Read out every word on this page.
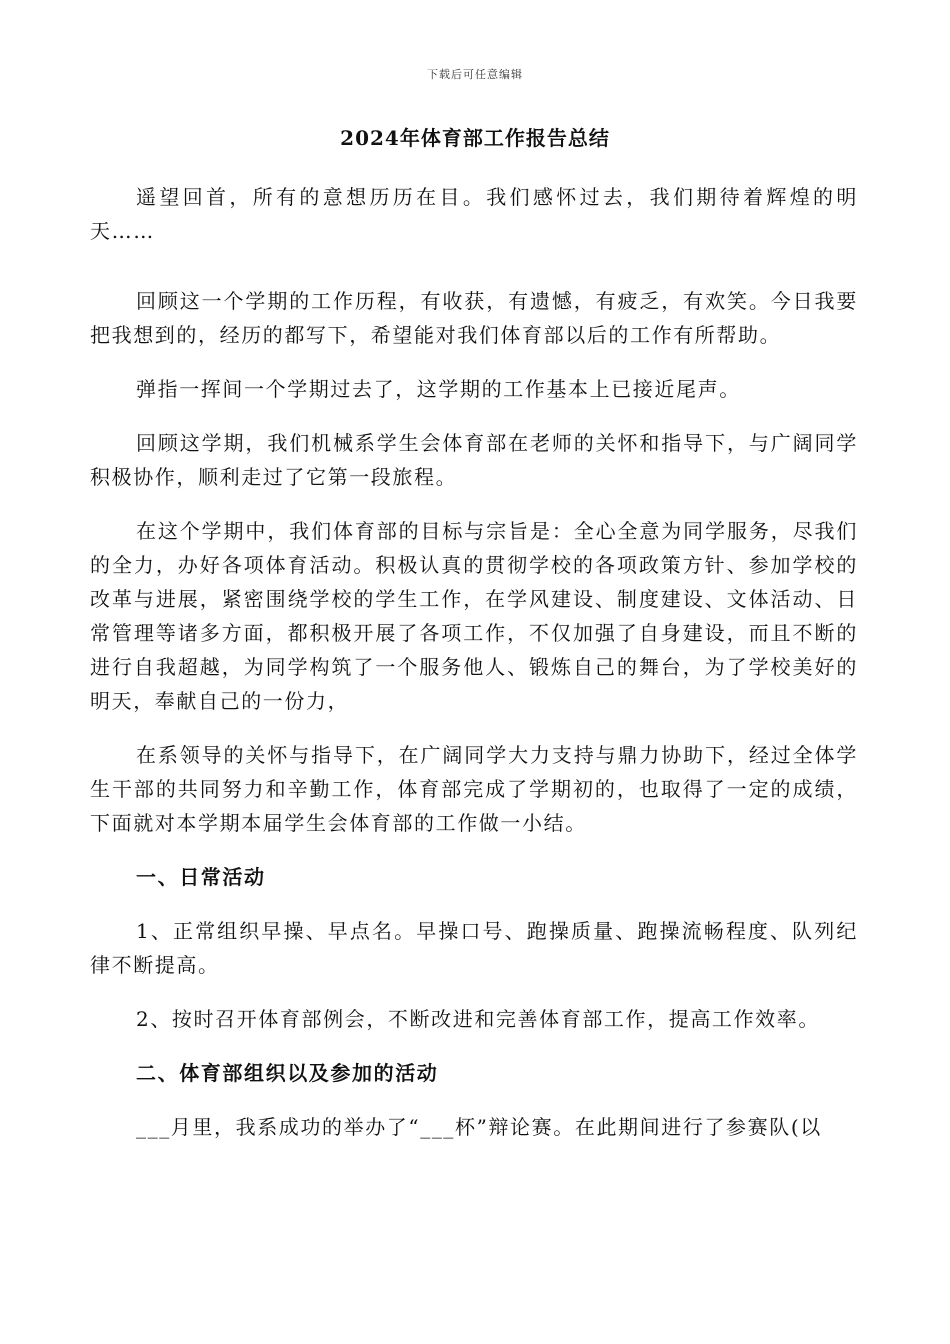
下载后可任意编辑
2024年体育部工作报告总结

遥望回首，所有的意想历历在目。我们感怀过去，我们期待着辉煌的明天……

回顾这一个学期的工作历程，有收获，有遗憾，有疲乏，有欢笑。今日我要把我想到的，经历的都写下，希望能对我们体育部以后的工作有所帮助。

弹指一挥间一个学期过去了，这学期的工作基本上已接近尾声。

回顾这学期，我们机械系学生会体育部在老师的关怀和指导下，与广阔同学积极协作，顺利走过了它第一段旅程。

在这个学期中，我们体育部的目标与宗旨是：全心全意为同学服务，尽我们的全力，办好各项体育活动。积极认真的贯彻学校的各项政策方针、参加学校的改革与进展，紧密围绕学校的学生工作，在学风建设、制度建设、文体活动、日常管理等诸多方面，都积极开展了各项工作，不仅加强了自身建设，而且不断的进行自我超越，为同学构筑了一个服务他人、锻炼自己的舞台，为了学校美好的明天，奉献自己的一份力，

在系领导的关怀与指导下，在广阔同学大力支持与鼎力协助下，经过全体学生干部的共同努力和辛勤工作，体育部完成了学期初的，也取得了一定的成绩，下面就对本学期本届学生会体育部的工作做一小结。

一、日常活动

1、正常组织早操、早点名。早操口号、跑操质量、跑操流畅程度、队列纪律不断提高。

2、按时召开体育部例会，不断改进和完善体育部工作，提高工作效率。

二、体育部组织以及参加的活动

___月里，我系成功的举办了“___杯”辩论赛。在此期间进行了参赛队(以
